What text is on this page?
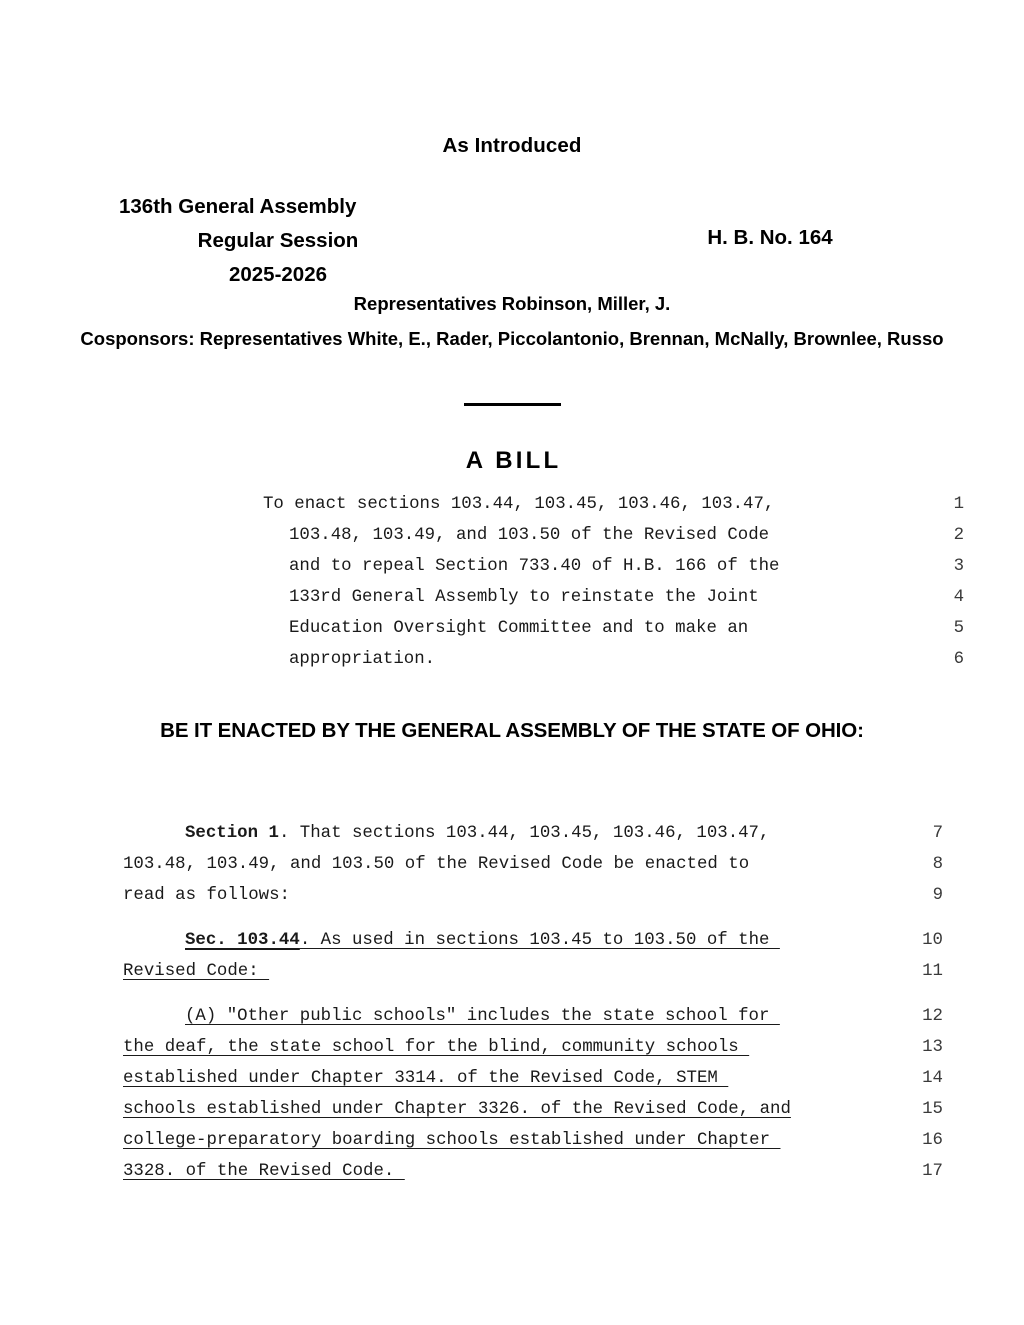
As Introduced
136th General Assembly
Regular Session
2025-2026
H. B. No. 164
Representatives Robinson, Miller, J.
Cosponsors: Representatives White, E., Rader, Piccolantonio, Brennan, McNally, Brownlee, Russo
A BILL
To enact sections 103.44, 103.45, 103.46, 103.47,	1
103.48, 103.49, and 103.50 of the Revised Code	2
and to repeal Section 733.40 of H.B. 166 of the	3
133rd General Assembly to reinstate the Joint	4
Education Oversight Committee and to make an	5
appropriation.	6
BE IT ENACTED BY THE GENERAL ASSEMBLY OF THE STATE OF OHIO:
Section 1. That sections 103.44, 103.45, 103.46, 103.47,	7
103.48, 103.49, and 103.50 of the Revised Code be enacted to	8
read as follows:	9
Sec. 103.44. As used in sections 103.45 to 103.50 of the	10
Revised Code:	11
(A) "Other public schools" includes the state school for	12
the deaf, the state school for the blind, community schools	13
established under Chapter 3314. of the Revised Code, STEM	14
schools established under Chapter 3326. of the Revised Code, and	15
college-preparatory boarding schools established under Chapter	16
3328. of the Revised Code.	17
